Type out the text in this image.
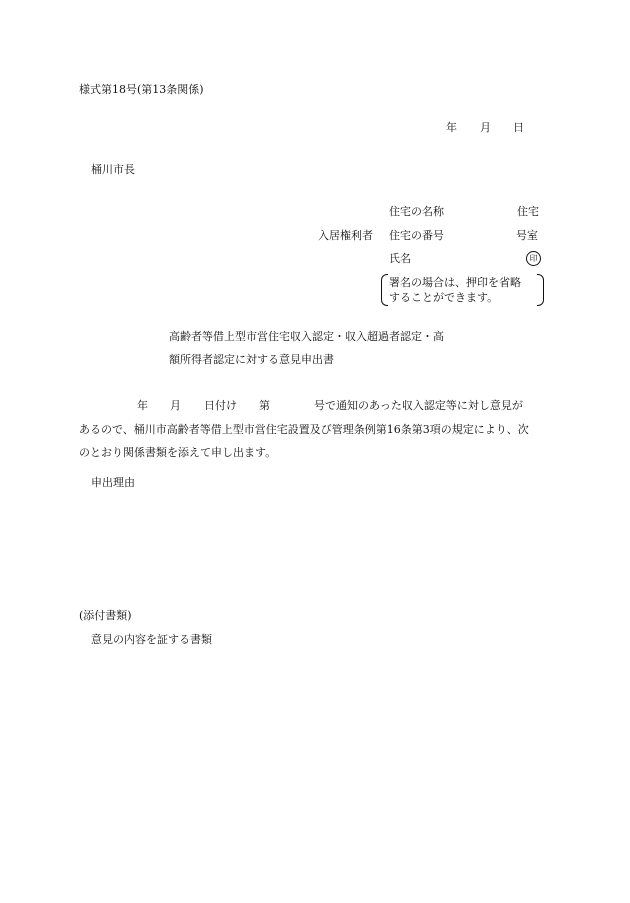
様式第18号(第13条関係)
年 月 日
桶川市長
住宅の名称	住宅
入居権利者 住宅の番号	号室
氏名	印
署名の場合は、押印を省略
することができます。
高齢者等借上型市営住宅収入認定・収入超過者認定・高
額所得者認定に対する意見申出書
年 月 日付け 第	号で通知のあった収入認定等に対し意見が
あるので、桶川市高齢者等借上型市営住宅設置及び管理条例第16条第3項の規定により、次
のとおり関係書類を添えて申し出ます。
申出理由
(添付書類)
意見の内容を証する書類
